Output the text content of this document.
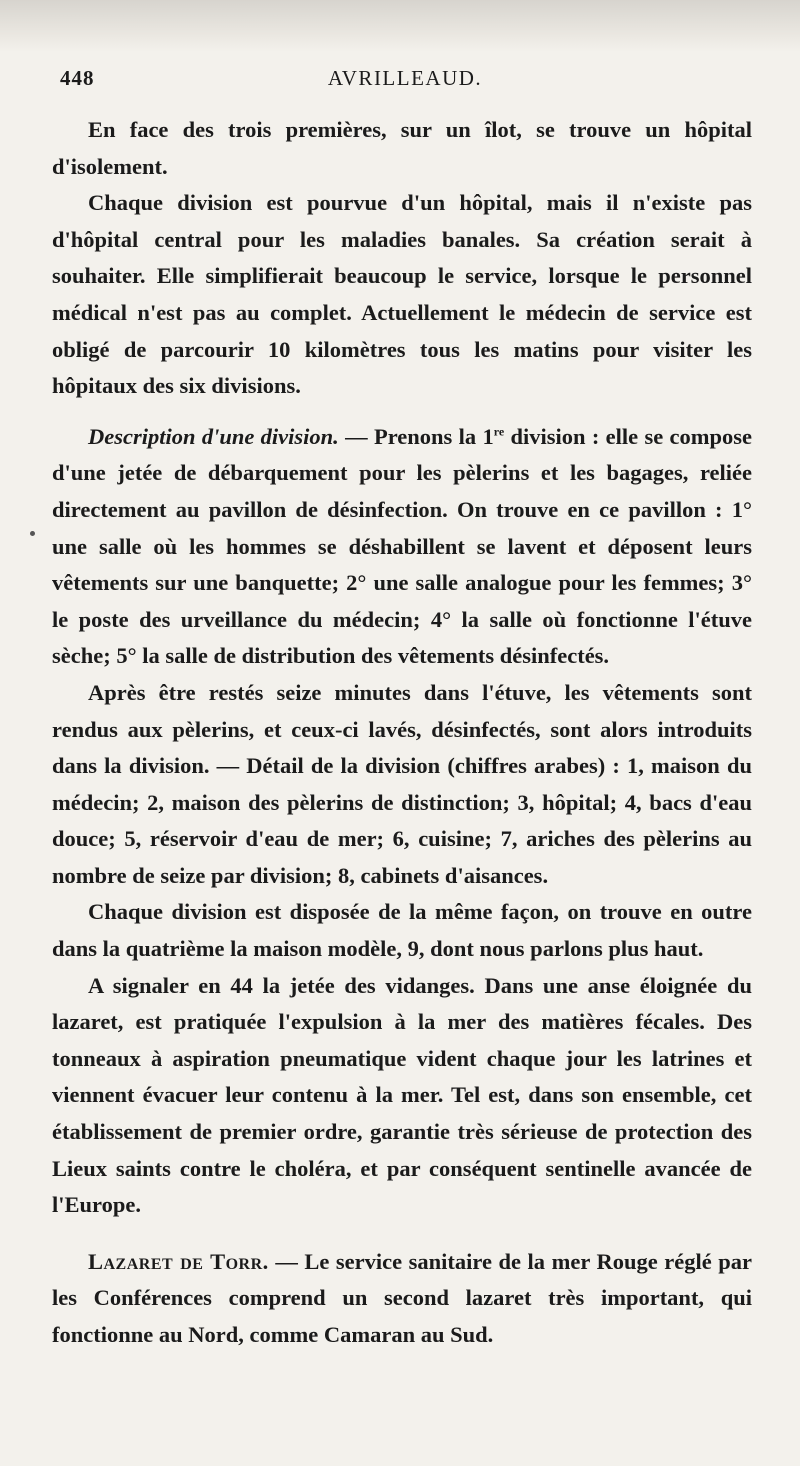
448	AVRILLEAUD.

En face des trois premières, sur un îlot, se trouve un hôpital d'isolement.

Chaque division est pourvue d'un hôpital, mais il n'existe pas d'hôpital central pour les maladies banales. Sa création serait à souhaiter. Elle simplifierait beaucoup le service, lorsque le personnel médical n'est pas au complet. Actuellement le médecin de service est obligé de parcourir 10 kilomètres tous les matins pour visiter les hôpitaux des six divisions.

Description d'une division. — Prenons la 1re division : elle se compose d'une jetée de débarquement pour les pèlerins et les bagages, reliée directement au pavillon de désinfection. On trouve en ce pavillon : 1° une salle où les hommes se déshabillent se lavent et déposent leurs vêtements sur une banquette; 2° une salle analogue pour les femmes; 3° le poste des urveillance du médecin; 4° la salle où fonctionne l'étuve sèche; 5° la salle de distribution des vêtements désinfectés.

Après être restés seize minutes dans l'étuve, les vêtements sont rendus aux pèlerins, et ceux-ci lavés, désinfectés, sont alors introduits dans la division. — Détail de la division (chiffres arabes) : 1, maison du médecin; 2, maison des pèlerins de distinction; 3, hôpital; 4, bacs d'eau douce; 5, réservoir d'eau de mer; 6, cuisine; 7, ariches des pèlerins au nombre de seize par division; 8, cabinets d'aisances.

Chaque division est disposée de la même façon, on trouve en outre dans la quatrième la maison modèle, 9, dont nous parlons plus haut.

A signaler en 44 la jetée des vidanges. Dans une anse éloignée du lazaret, est pratiquée l'expulsion à la mer des matières fécales. Des tonneaux à aspiration pneumatique vident chaque jour les latrines et viennent évacuer leur contenu à la mer. Tel est, dans son ensemble, cet établissement de premier ordre, garantie très sérieuse de protection des Lieux saints contre le choléra, et par conséquent sentinelle avancée de l'Europe.

Lazaret de Torr. — Le service sanitaire de la mer Rouge réglé par les Conférences comprend un second lazaret très important, qui fonctionne au Nord, comme Camaran au Sud.
